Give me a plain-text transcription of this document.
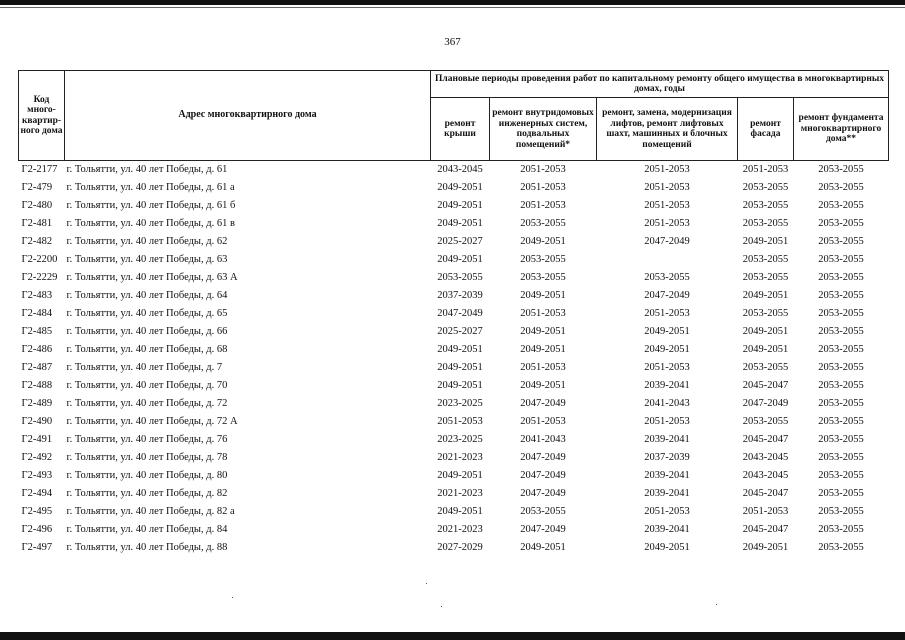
367
Код много-квартир-ного дома	Адрес многоквартирного дома	Плановые периоды проведения работ по капитальному ремонту общего имущества в многоквартирных домах, годы				
		ремонт крыши	ремонт внутридомовых инженерных систем, подвальных помещений*	ремонт, замена, модернизация лифтов, ремонт лифтовых шахт, машинных и блочных помещений	ремонт фасада	ремонт фундамента многоквартирного дома**
Г2-2177	г. Тольятти, ул. 40 лет Победы, д. 61	2043-2045	2051-2053	2051-2053	2051-2053	2053-2055
Г2-479	г. Тольятти, ул. 40 лет Победы, д. 61 а	2049-2051	2051-2053	2051-2053	2053-2055	2053-2055
Г2-480	г. Тольятти, ул. 40 лет Победы, д. 61 б	2049-2051	2051-2053	2051-2053	2053-2055	2053-2055
Г2-481	г. Тольятти, ул. 40 лет Победы, д. 61 в	2049-2051	2053-2055	2051-2053	2053-2055	2053-2055
Г2-482	г. Тольятти, ул. 40 лет Победы, д. 62	2025-2027	2049-2051	2047-2049	2049-2051	2053-2055
Г2-2200	г. Тольятти, ул. 40 лет Победы, д. 63	2049-2051	2053-2055		2053-2055	2053-2055
Г2-2229	г. Тольятти, ул. 40 лет Победы, д. 63 А	2053-2055	2053-2055	2053-2055	2053-2055	2053-2055
Г2-483	г. Тольятти, ул. 40 лет Победы, д. 64	2037-2039	2049-2051	2047-2049	2049-2051	2053-2055
Г2-484	г. Тольятти, ул. 40 лет Победы, д. 65	2047-2049	2051-2053	2051-2053	2053-2055	2053-2055
Г2-485	г. Тольятти, ул. 40 лет Победы, д. 66	2025-2027	2049-2051	2049-2051	2049-2051	2053-2055
Г2-486	г. Тольятти, ул. 40 лет Победы, д. 68	2049-2051	2049-2051	2049-2051	2049-2051	2053-2055
Г2-487	г. Тольятти, ул. 40 лет Победы, д. 7	2049-2051	2051-2053	2051-2053	2053-2055	2053-2055
Г2-488	г. Тольятти, ул. 40 лет Победы, д. 70	2049-2051	2049-2051	2039-2041	2045-2047	2053-2055
Г2-489	г. Тольятти, ул. 40 лет Победы, д. 72	2023-2025	2047-2049	2041-2043	2047-2049	2053-2055
Г2-490	г. Тольятти, ул. 40 лет Победы, д. 72 А	2051-2053	2051-2053	2051-2053	2053-2055	2053-2055
Г2-491	г. Тольятти, ул. 40 лет Победы, д. 76	2023-2025	2041-2043	2039-2041	2045-2047	2053-2055
Г2-492	г. Тольятти, ул. 40 лет Победы, д. 78	2021-2023	2047-2049	2037-2039	2043-2045	2053-2055
Г2-493	г. Тольятти, ул. 40 лет Победы, д. 80	2049-2051	2047-2049	2039-2041	2043-2045	2053-2055
Г2-494	г. Тольятти, ул. 40 лет Победы, д. 82	2021-2023	2047-2049	2039-2041	2045-2047	2053-2055
Г2-495	г. Тольятти, ул. 40 лет Победы, д. 82 а	2049-2051	2053-2055	2051-2053	2051-2053	2053-2055
Г2-496	г. Тольятти, ул. 40 лет Победы, д. 84	2021-2023	2047-2049	2039-2041	2045-2047	2053-2055
Г2-497	г. Тольятти, ул. 40 лет Победы, д. 88	2027-2029	2049-2051	2049-2051	2049-2051	2053-2055
